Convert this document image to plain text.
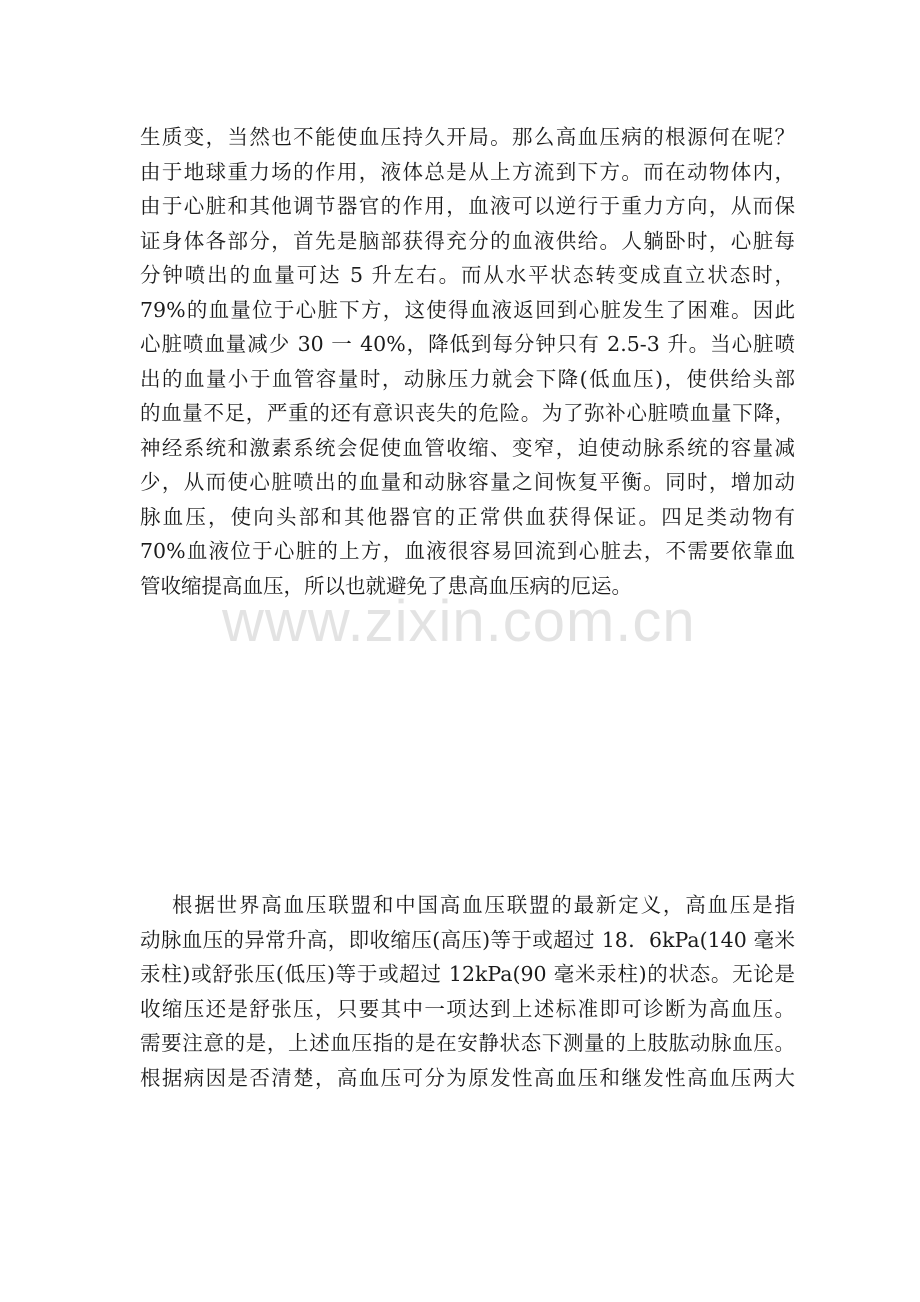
生质变，当然也不能使血压持久开局。那么高血压病的根源何在呢？
由于地球重力场的作用，液体总是从上方流到下方。而在动物体内，
由于心脏和其他调节器官的作用，血液可以逆行于重力方向，从而保
证身体各部分，首先是脑部获得充分的血液供给。人躺卧时，心脏每
分钟喷出的血量可达 5 升左右。而从水平状态转变成直立状态时，
79%的血量位于心脏下方，这使得血液返回到心脏发生了困难。因此
心脏喷血量减少 30 一 40%，降低到每分钟只有 2.5-3 升。当心脏喷
出的血量小于血管容量时，动脉压力就会下降(低血压)，使供给头部
的血量不足，严重的还有意识丧失的危险。为了弥补心脏喷血量下降，
神经系统和激素系统会促使血管收缩、变窄，迫使动脉系统的容量减
少，从而使心脏喷出的血量和动脉容量之间恢复平衡。同时，增加动
脉血压，使向头部和其他器官的正常供血获得保证。四足类动物有
70%血液位于心脏的上方，血液很容易回流到心脏去，不需要依靠血
管收缩提高血压，所以也就避免了患高血压病的厄运。
根据世界高血压联盟和中国高血压联盟的最新定义，高血压是指
动脉血压的异常升高，即收缩压(高压)等于或超过 18．6kPa(140 毫米
汞柱)或舒张压(低压)等于或超过 12kPa(90 毫米汞柱)的状态。无论是
收缩压还是舒张压，只要其中一项达到上述标准即可诊断为高血压。
需要注意的是，上述血压指的是在安静状态下测量的上肢肱动脉血压。
根据病因是否清楚，高血压可分为原发性高血压和继发性高血压两大
www.zixin.com.cn
